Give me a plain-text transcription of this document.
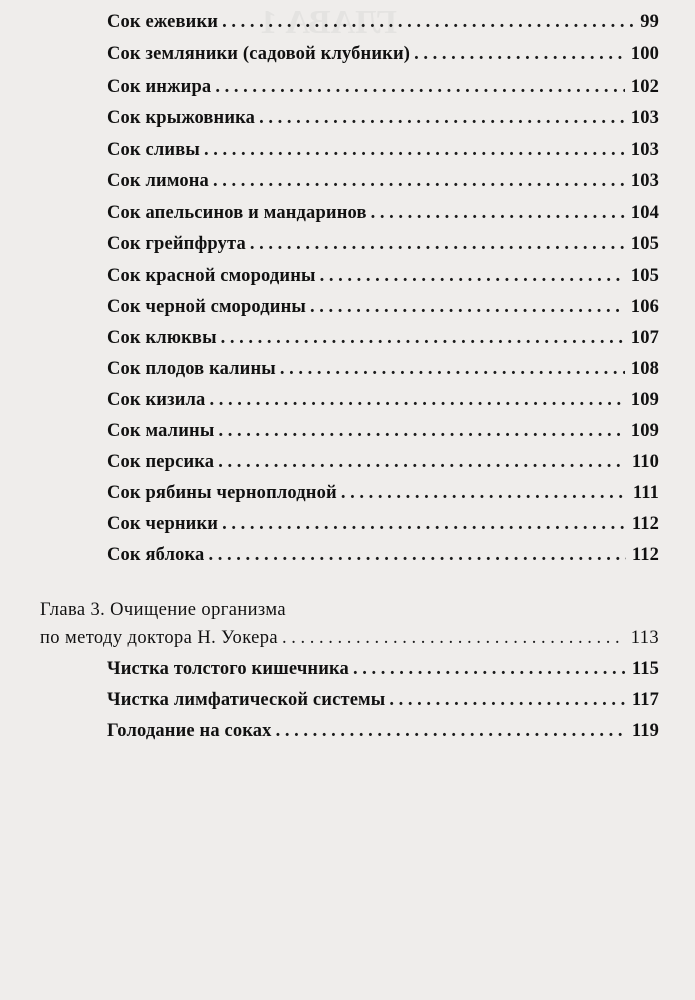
ГЛАВА 1
Сок ежевики . . .	99
Сок земляники (садовой клубники) . . .	100
Сок инжира . . .	102
Сок крыжовника . . .	103
Сок сливы . . .	103
Сок лимона . . .	103
Сок апельсинов и мандаринов . . .	104
Сок грейпфрута . . .	105
Сок красной смородины . . .	105
Сок черной смородины . . .	106
Сок клюквы . . .	107
Сок плодов калины . . .	108
Сок кизила . . .	109
Сок малины . . .	109
Сок персика . . .	110
Сок рябины черноплодной . . .	111
Сок черники . . .	112
Сок яблока . . .	112
Глава 3. Очищение организма
по методу доктора Н. Уокера . . .	113
Чистка толстого кишечника . . .	115
Чистка лимфатической системы . . .	117
Голодание на соках . . .	119
